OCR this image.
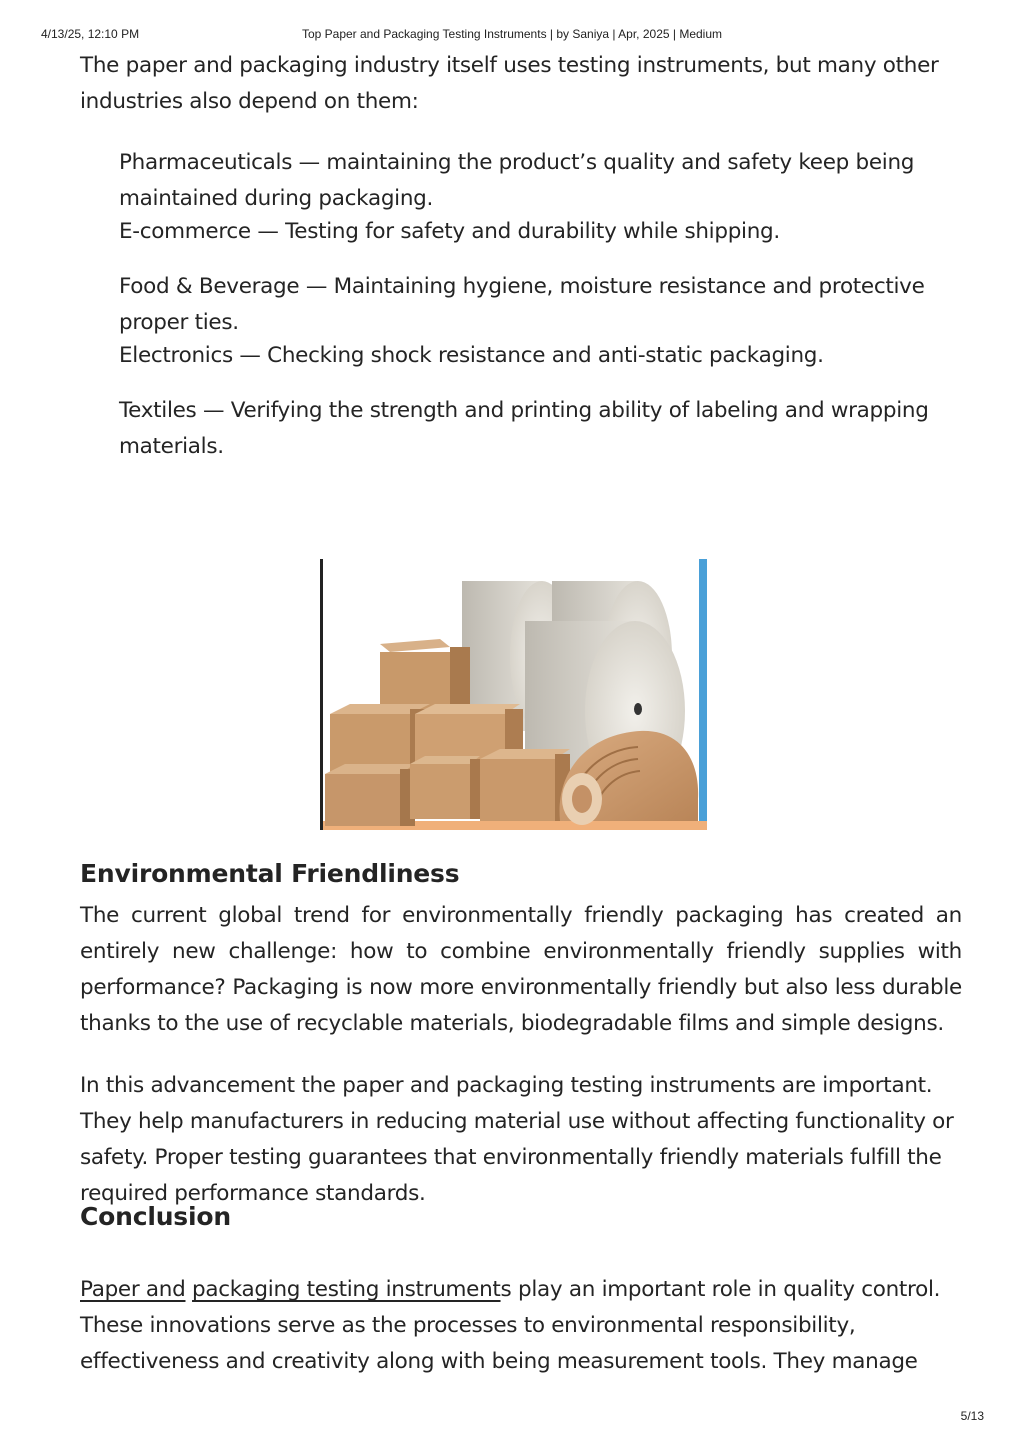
4/13/25, 12:10 PM	Top Paper and Packaging Testing Instruments | by Saniya | Apr, 2025 | Medium

The paper and packaging industry itself uses testing instruments, but many other industries also depend on them:

Pharmaceuticals — maintaining the product’s quality and safety keep being maintained during packaging.

E-commerce — Testing for safety and durability while shipping.

Food & Beverage — Maintaining hygiene, moisture resistance and protective proper ties.

Electronics — Checking shock resistance and anti-static packaging.

Textiles — Verifying the strength and printing ability of labeling and wrapping materials.

Environmental Friendliness

The current global trend for environmentally friendly packaging has created an entirely new challenge: how to combine environmentally friendly supplies with performance? Packaging is now more environmentally friendly but also less durable thanks to the use of recyclable materials, biodegradable films and simple designs.

In this advancement the paper and packaging testing instruments are important. They help manufacturers in reducing material use without affecting functionality or safety. Proper testing guarantees that environmentally friendly materials fulfill the required performance standards.

Conclusion

Paper and packaging testing instruments play an important role in quality control. These innovations serve as the processes to environmental responsibility, effectiveness and creativity along with being measurement tools. They manage

5/13
